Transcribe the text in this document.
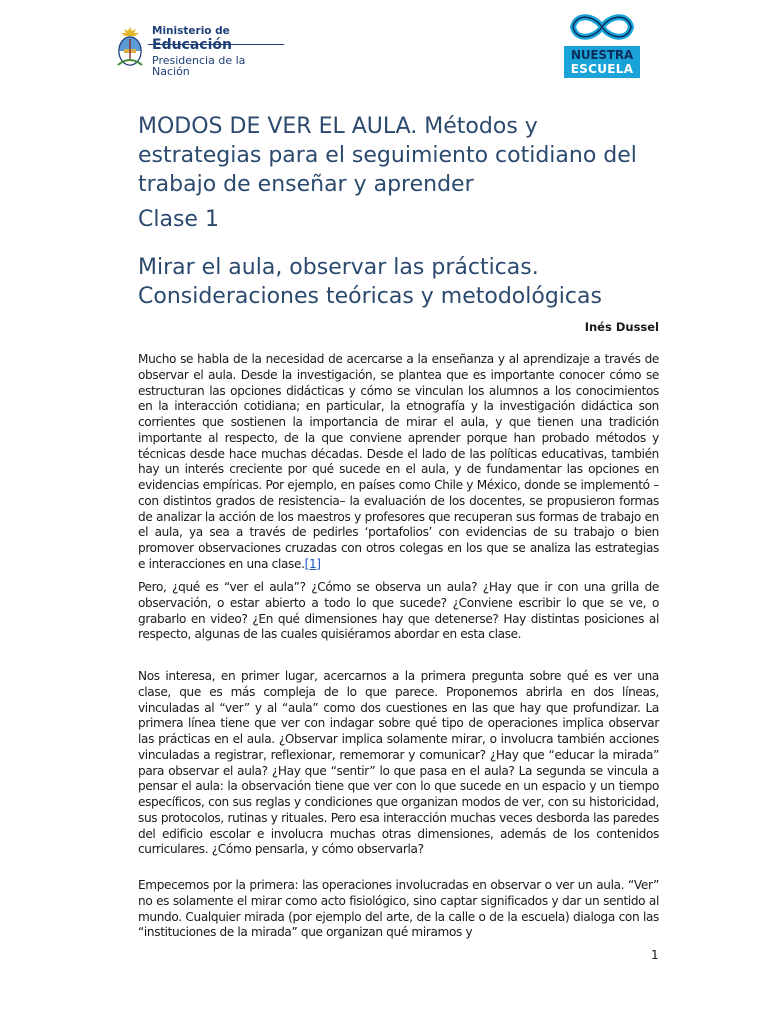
Ministerio de
Educación
Presidencia de la Nación
NUESTRA
ESCUELA
MODOS DE VER EL AULA. Métodos y estrategias para el seguimiento cotidiano del trabajo de enseñar y aprender
Clase 1
Mirar el aula, observar las prácticas. Consideraciones teóricas y metodológicas
Inés Dussel

Mucho se habla de la necesidad de acercarse a la enseñanza y al aprendizaje a través de observar el aula. Desde la investigación, se plantea que es importante conocer cómo se estructuran las opciones didácticas y cómo se vinculan los alumnos a los conocimientos en la interacción cotidiana; en particular, la etnografía y la investigación didáctica son corrientes que sostienen la importancia de mirar el aula, y que tienen una tradición importante al respecto, de la que conviene aprender porque han probado métodos y técnicas desde hace muchas décadas. Desde el lado de las políticas educativas, también hay un interés creciente por qué sucede en el aula, y de fundamentar las opciones en evidencias empíricas. Por ejemplo, en países como Chile y México, donde se implementó –con distintos grados de resistencia– la evaluación de los docentes, se propusieron formas de analizar la acción de los maestros y profesores que recuperan sus formas de trabajo en el aula, ya sea a través de pedirles ‘portafolios’ con evidencias de su trabajo o bien promover observaciones cruzadas con otros colegas en los que se analiza las estrategias e interacciones en una clase.[1]

Pero, ¿qué es “ver el aula”? ¿Cómo se observa un aula? ¿Hay que ir con una grilla de observación, o estar abierto a todo lo que sucede? ¿Conviene escribir lo que se ve, o grabarlo en video? ¿En qué dimensiones hay que detenerse? Hay distintas posiciones al respecto, algunas de las cuales quisiéramos abordar en esta clase.

Nos interesa, en primer lugar, acercarnos a la primera pregunta sobre qué es ver una clase, que es más compleja de lo que parece. Proponemos abrirla en dos líneas, vinculadas al “ver” y al “aula” como dos cuestiones en las que hay que profundizar. La primera línea tiene que ver con indagar sobre qué tipo de operaciones implica observar las prácticas en el aula. ¿Observar implica solamente mirar, o involucra también acciones vinculadas a registrar, reflexionar, rememorar y comunicar? ¿Hay que “educar la mirada” para observar el aula? ¿Hay que “sentir” lo que pasa en el aula? La segunda se vincula a pensar el aula: la observación tiene que ver con lo que sucede en un espacio y un tiempo específicos, con sus reglas y condiciones que organizan modos de ver, con su historicidad, sus protocolos, rutinas y rituales. Pero esa interacción muchas veces desborda las paredes del edificio escolar e involucra muchas otras dimensiones, además de los contenidos curriculares. ¿Cómo pensarla, y cómo observarla?

Empecemos por la primera: las operaciones involucradas en observar o ver un aula. “Ver” no es solamente el mirar como acto fisiológico, sino captar significados y dar un sentido al mundo. Cualquier mirada (por ejemplo del arte, de la calle o de la escuela) dialoga con las “instituciones de la mirada” que organizan qué miramos y

1
